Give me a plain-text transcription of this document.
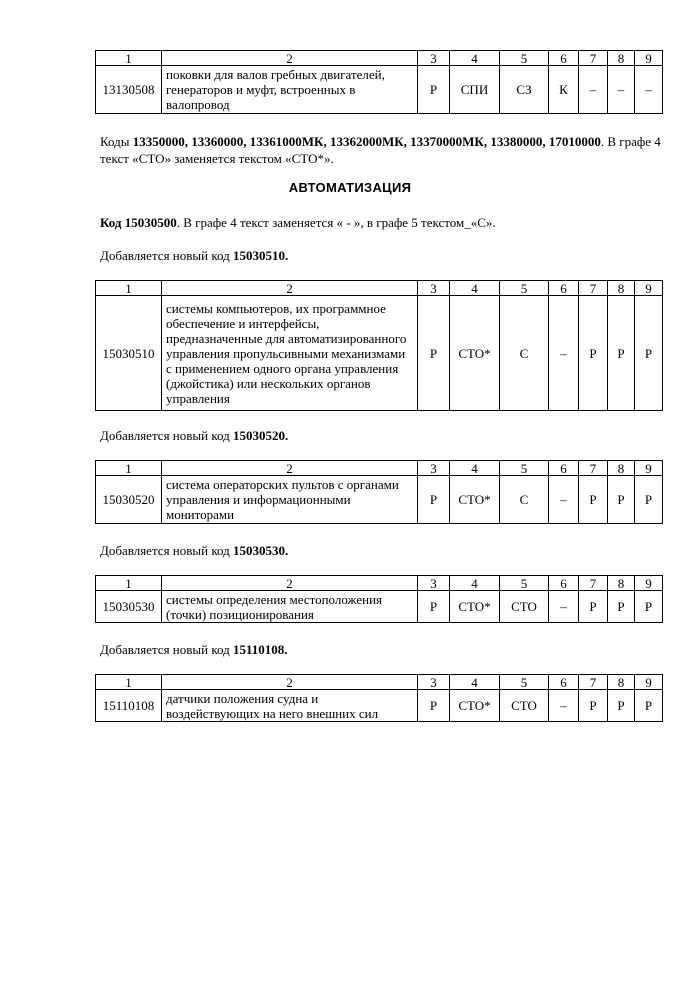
1	2	3	4	5	6	7	8	9
13130508	поковки для валов гребных двигателей, генераторов и муфт, встроенных в валопровод	Р	СПИ	СЗ	К	–	–	–
Коды 13350000, 13360000, 13361000МК, 13362000МК, 13370000МК, 13380000, 17010000. В графе 4 текст «СТО» заменяется текстом «СТО*».
АВТОМАТИЗАЦИЯ
Код 15030500. В графе 4 текст заменяется « - », в графе 5 текстом_«С».
Добавляется новый код 15030510.
1	2	3	4	5	6	7	8	9
15030510	системы компьютеров, их программное обеспечение и интерфейсы, предназначенные для автоматизированного управления пропульсивными механизмами с применением одного органа управления (джойстика) или нескольких органов управления	Р	СТО*	С	–	Р	Р	Р
Добавляется новый код 15030520.
1	2	3	4	5	6	7	8	9
15030520	система операторских пультов с органами управления и информационными мониторами	Р	СТО*	С	–	Р	Р	Р
Добавляется новый код 15030530.
1	2	3	4	5	6	7	8	9
15030530	системы определения местоположения (точки) позиционирования	Р	СТО*	СТО	–	Р	Р	Р
Добавляется новый код 15110108.
1	2	3	4	5	6	7	8	9
15110108	датчики положения судна и воздействующих на него внешних сил	Р	СТО*	СТО	–	Р	Р	Р
